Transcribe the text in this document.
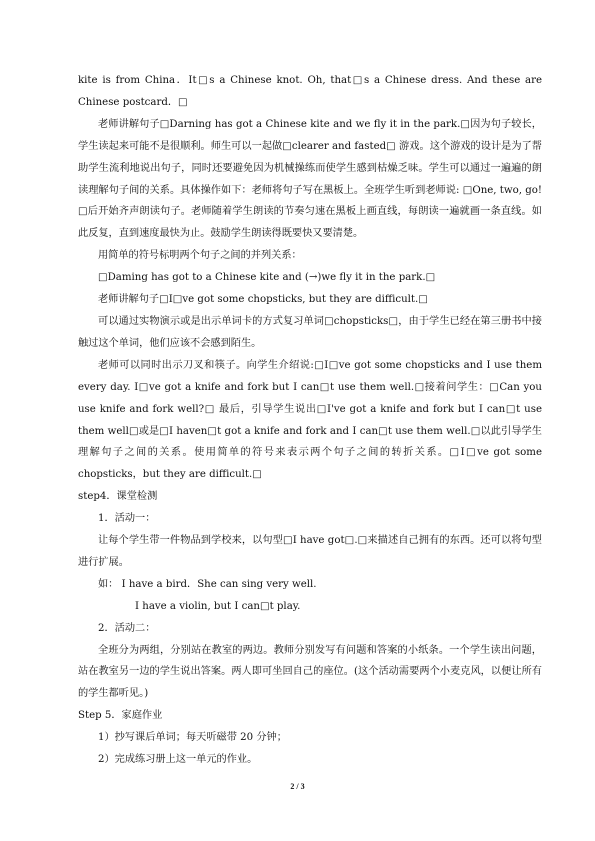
kite is from China．It□s a Chinese knot. Oh, that□s a Chinese dress. And these are Chinese postcard．□

老师讲解句子□Darning has got a Chinese kite and we fly it in the park.□因为句子较长，学生读起来可能不是很顺利。师生可以一起做□clearer and fasted□ 游戏。这个游戏的设计是为了帮助学生流利地说出句子，同时还要避免因为机械操练而使学生感到枯燥乏味。学生可以通过一遍遍的朗读理解句子间的关系。具体操作如下：老师将句子写在黑板上。全班学生听到老师说: □One, two, go!□后开始齐声朗读句子。老师随着学生朗读的节奏匀速在黑板上画直线，每朗读一遍就画一条直线。如此反复，直到速度最快为止。鼓励学生朗读得既要快又要清楚。

用简单的符号标明两个句子之间的并列关系：

□Daming has got to a Chinese kite and (→)we fly it in the park.□

老师讲解句子□I□ve got some chopsticks, but they are difficult.□

可以通过实物演示或是出示单词卡的方式复习单词□chopsticks□，由于学生已经在第三册书中接触过这个单词，他们应该不会感到陌生。

老师可以同时出示刀叉和筷子。向学生介绍说:□I□ve got some chopsticks and I use them every day. I□ve got a knife and fork but I can□t use them well.□接着问学生：□Can you use knife and fork well?□ 最后，引导学生说出□I've got a knife and fork but I can□t use them well□或是□I haven□t got a knife and fork and I can□t use them well.□以此引导学生理解句子之间的关系。使用简单的符号来表示两个句子之间的转折关系。□I□ve got some chopsticks，but they are difficult.□

step4．课堂检测

1．活动一：

让每个学生带一件物品到学校来，以句型□I have got□.□来描述自己拥有的东西。还可以将句型进行扩展。

如： I have a bird．She can sing very well.

I have a violin, but I can□t play.

2．活动二：

全班分为两组，分别站在教室的两边。教师分别发写有问题和答案的小纸条。一个学生读出问题，站在教室另一边的学生说出答案。两人即可坐回自己的座位。(这个活动需要两个小麦克风，以便让所有的学生都听见。)

Step 5．家庭作业

1）抄写课后单词；每天听磁带 20 分钟；

2）完成练习册上这一单元的作业。

2 / 3
